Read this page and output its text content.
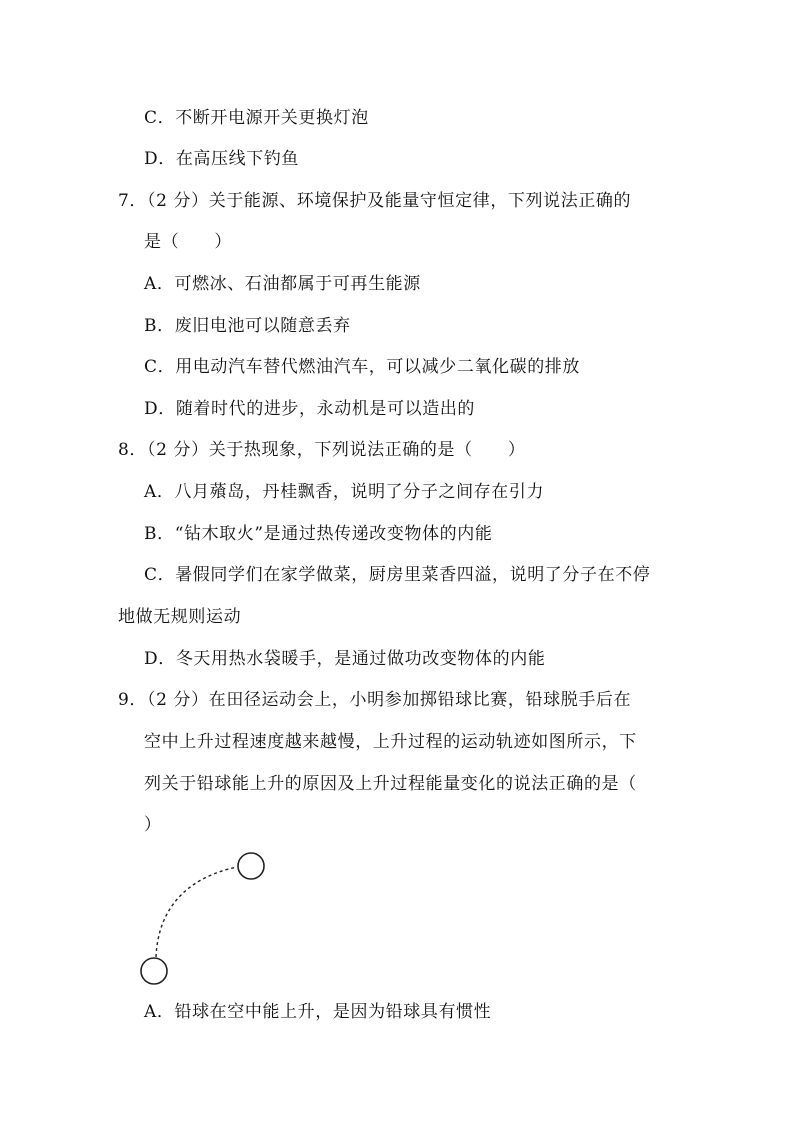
C．不断开电源开关更换灯泡
D．在高压线下钓鱼
7．（2 分）关于能源、环境保护及能量守恒定律，下列说法正确的
是（　　）
A．可燃冰、石油都属于可再生能源
B．废旧电池可以随意丢弃
C．用电动汽车替代燃油汽车，可以减少二氧化碳的排放
D．随着时代的进步，永动机是可以造出的
8．（2 分）关于热现象，下列说法正确的是（　　）
A．八月薞岛，丹桂飘香，说明了分子之间存在引力
B．“钻木取火”是通过热传递改变物体的内能
C．暑假同学们在家学做菜，厨房里菜香四溢，说明了分子在不停
地做无规则运动
D．冬天用热水袋暖手，是通过做功改变物体的内能
9．（2 分）在田径运动会上，小明参加掷铅球比赛，铅球脱手后在
空中上升过程速度越来越慢，上升过程的运动轨迹如图所示，下
列关于铅球能上升的原因及上升过程能量变化的说法正确的是（
）
A．铅球在空中能上升，是因为铅球具有惯性
